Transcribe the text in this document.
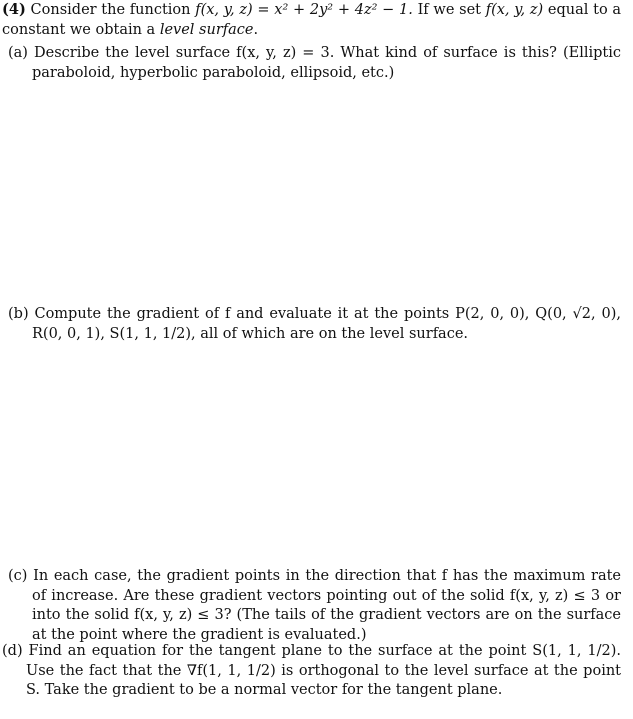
(4) Consider the function f(x, y, z) = x² + 2y² + 4z² − 1. If we set f(x, y, z) equal to a constant we obtain a level surface.
(a) Describe the level surface f(x, y, z) = 3. What kind of surface is this? (Elliptic paraboloid, hyperbolic paraboloid, ellipsoid, etc.)
(b) Compute the gradient of f and evaluate it at the points P(2, 0, 0), Q(0, √2, 0), R(0, 0, 1), S(1, 1, 1/2), all of which are on the level surface.
(c) In each case, the gradient points in the direction that f has the maximum rate of increase. Are these gradient vectors pointing out of the solid f(x, y, z) ≤ 3 or into the solid f(x, y, z) ≤ 3? (The tails of the gradient vectors are on the surface at the point where the gradient is evaluated.)
(d) Find an equation for the tangent plane to the surface at the point S(1, 1, 1/2). Use the fact that the ∇f(1, 1, 1/2) is orthogonal to the level surface at the point S. Take the gradient to be a normal vector for the tangent plane.
